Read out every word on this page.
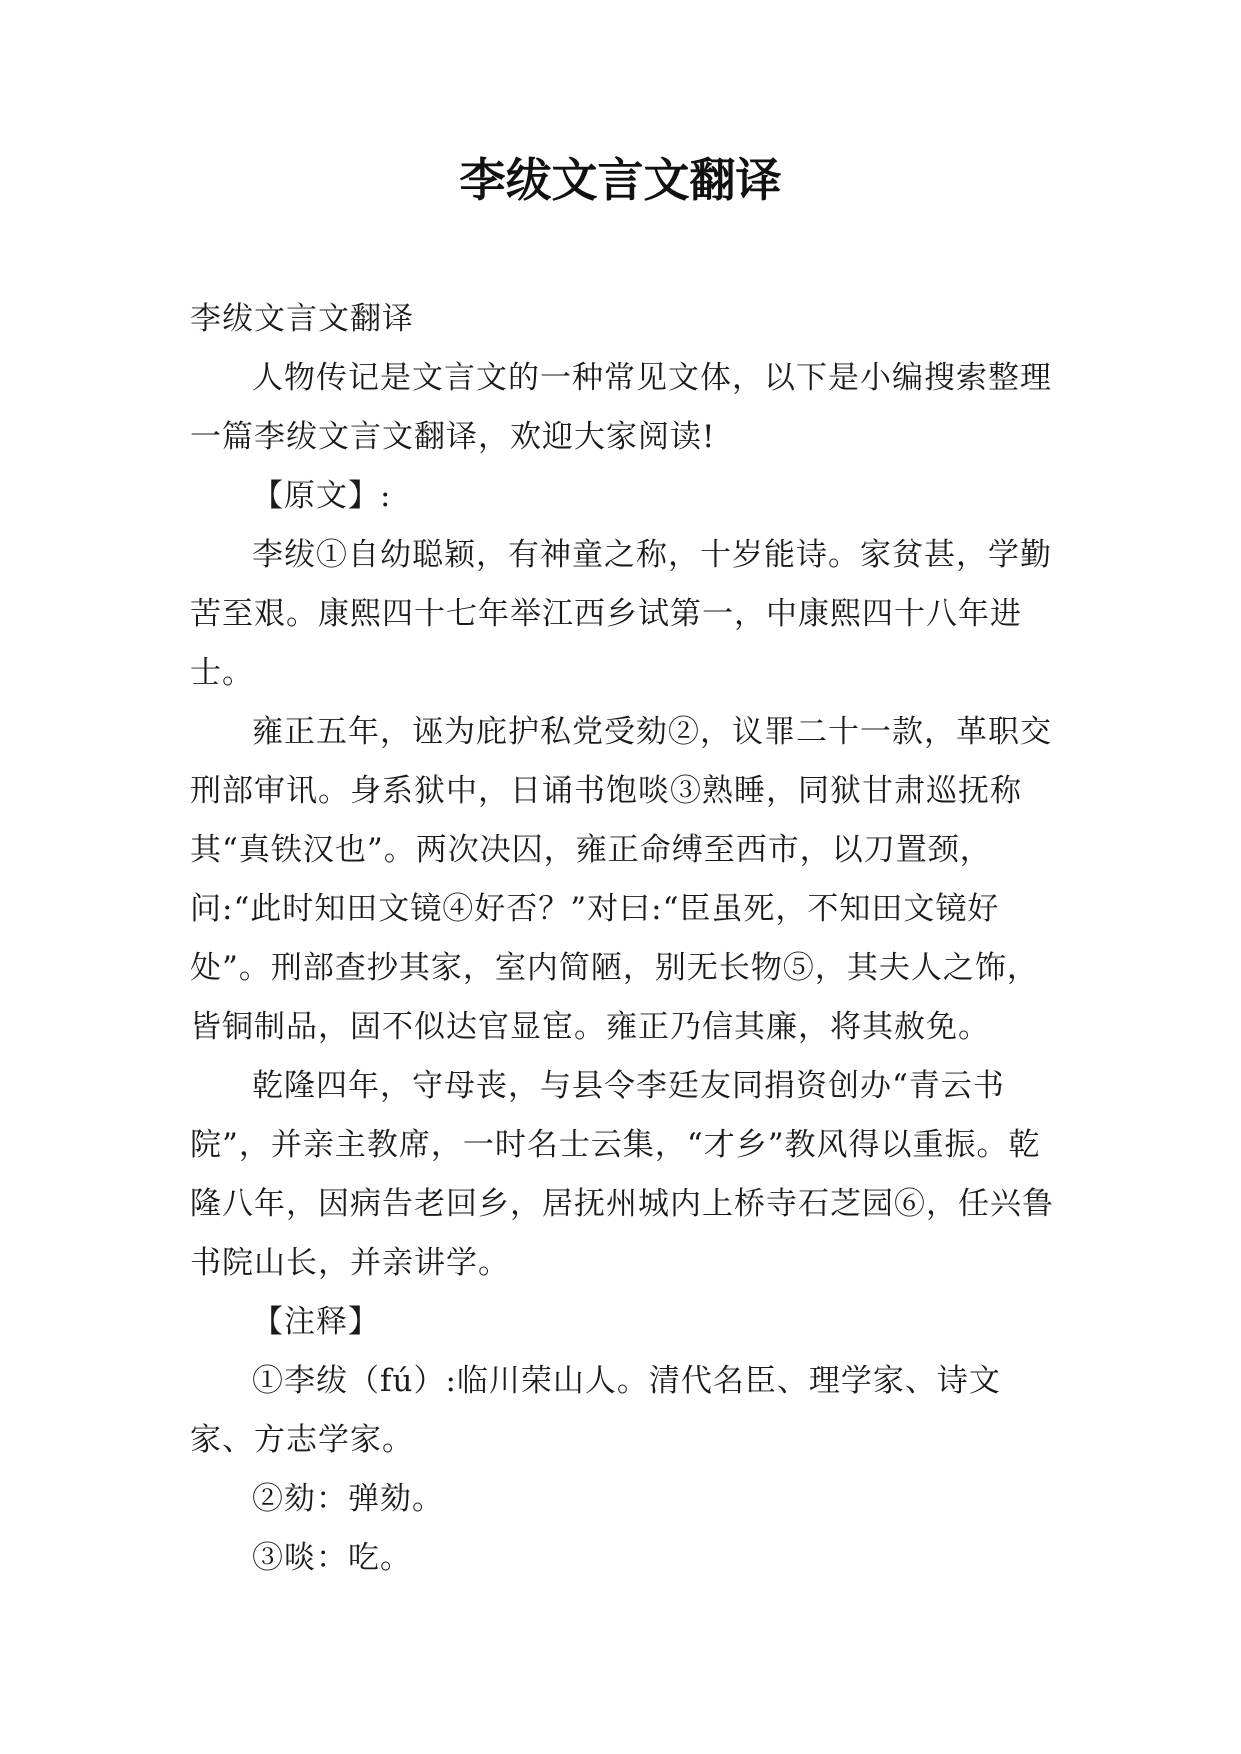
李绂文言文翻译

李绂文言文翻译

人物传记是文言文的一种常见文体，以下是小编搜索整理一篇李绂文言文翻译，欢迎大家阅读!

【原文】:

李绂①自幼聪颖，有神童之称，十岁能诗。家贫甚，学勤苦至艰。康熙四十七年举江西乡试第一，中康熙四十八年进士。

雍正五年，诬为庇护私党受劾②，议罪二十一款，革职交刑部审讯。身系狱中，日诵书饱啖③熟睡，同狱甘肃巡抚称其“真铁汉也”。两次决囚，雍正命缚至西市，以刀置颈，问:“此时知田文镜④好否？”对曰:“臣虽死，不知田文镜好处”。刑部查抄其家，室内简陋，别无长物⑤，其夫人之饰，皆铜制品，固不似达官显宦。雍正乃信其廉，将其赦免。

乾隆四年，守母丧，与县令李廷友同捐资创办“青云书院”，并亲主教席，一时名士云集，“才乡”教风得以重振。乾隆八年，因病告老回乡，居抚州城内上桥寺石芝园⑥，任兴鲁书院山长，并亲讲学。

【注释】

①李绂（fú）:临川荣山人。清代名臣、理学家、诗文家、方志学家。

②劾：弹劾。

③啖：吃。
